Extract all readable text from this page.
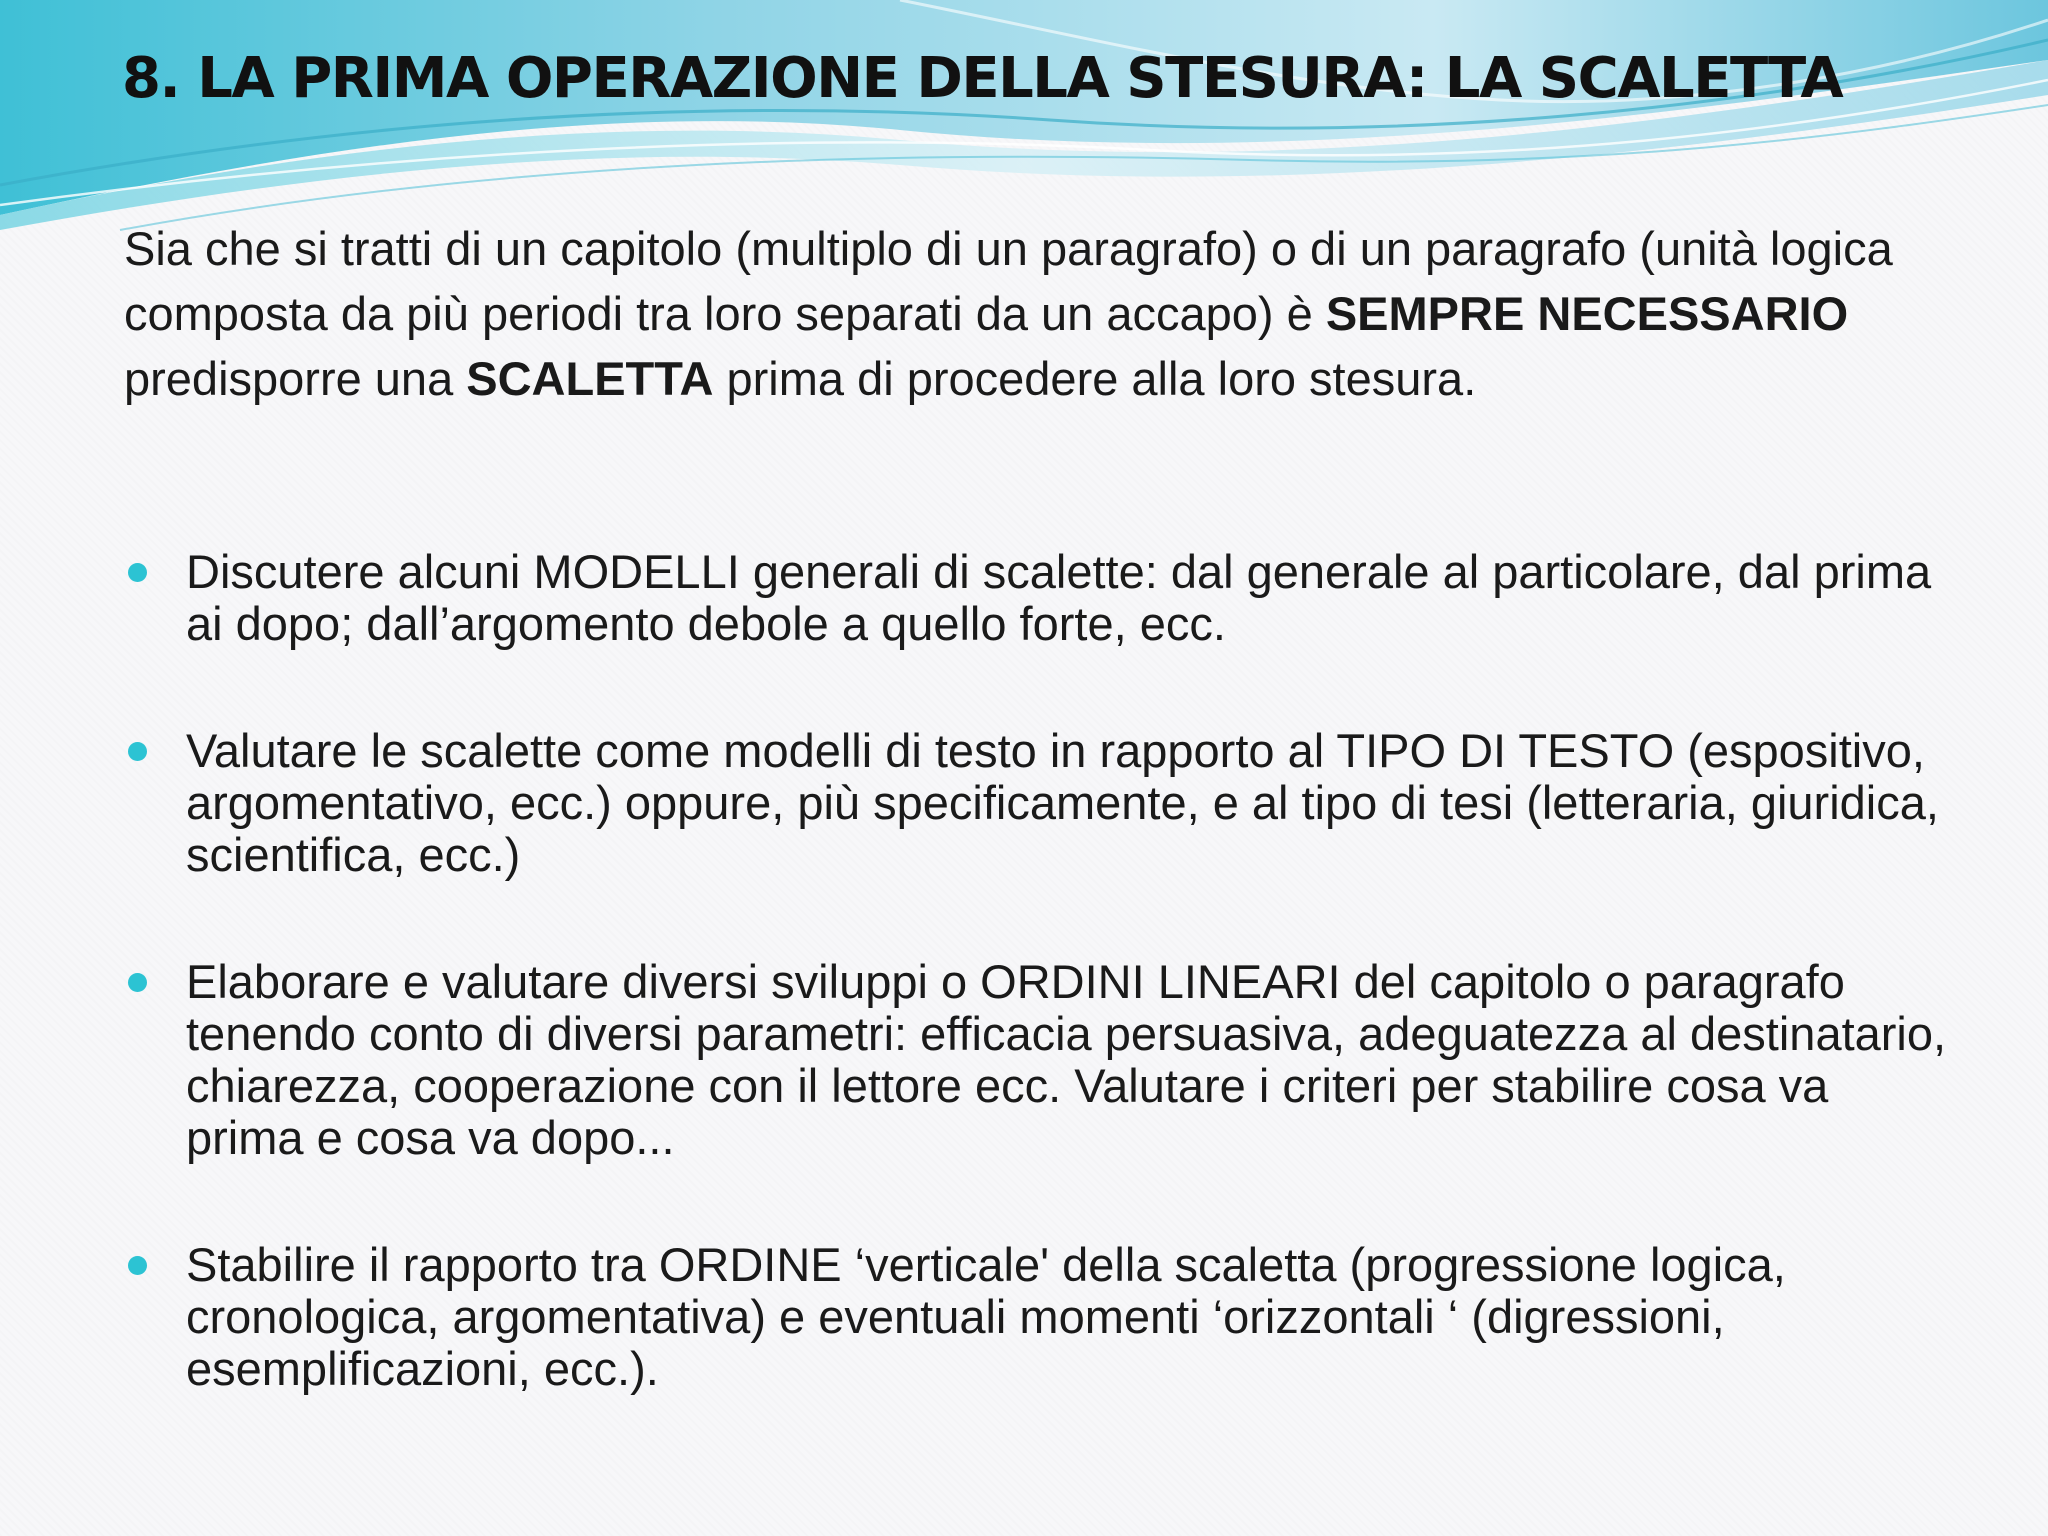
8. LA PRIMA OPERAZIONE DELLA STESURA: LA SCALETTA

Sia che si tratti di un capitolo (multiplo di un paragrafo) o di un paragrafo (unità logica composta da più periodi tra loro separati da un accapo) è SEMPRE NECESSARIO predisporre una SCALETTA prima di procedere alla loro stesura.

Discutere alcuni MODELLI generali di scalette: dal generale al particolare, dal prima ai dopo; dall’argomento debole a quello forte, ecc.
Valutare le scalette come modelli di testo in rapporto al TIPO DI TESTO (espositivo, argomentativo, ecc.) oppure, più specificamente, e al tipo di tesi (letteraria, giuridica, scientifica, ecc.)
Elaborare e valutare diversi sviluppi o ORDINI LINEARI del capitolo o paragrafo tenendo conto di diversi parametri: efficacia persuasiva, adeguatezza al destinatario, chiarezza, cooperazione con il lettore ecc. Valutare i criteri per stabilire cosa va prima e cosa va dopo...
Stabilire il rapporto tra ORDINE ‘verticale' della scaletta (progressione logica, cronologica, argomentativa) e eventuali momenti ‘orizzontali ‘ (digressioni, esemplificazioni, ecc.).
